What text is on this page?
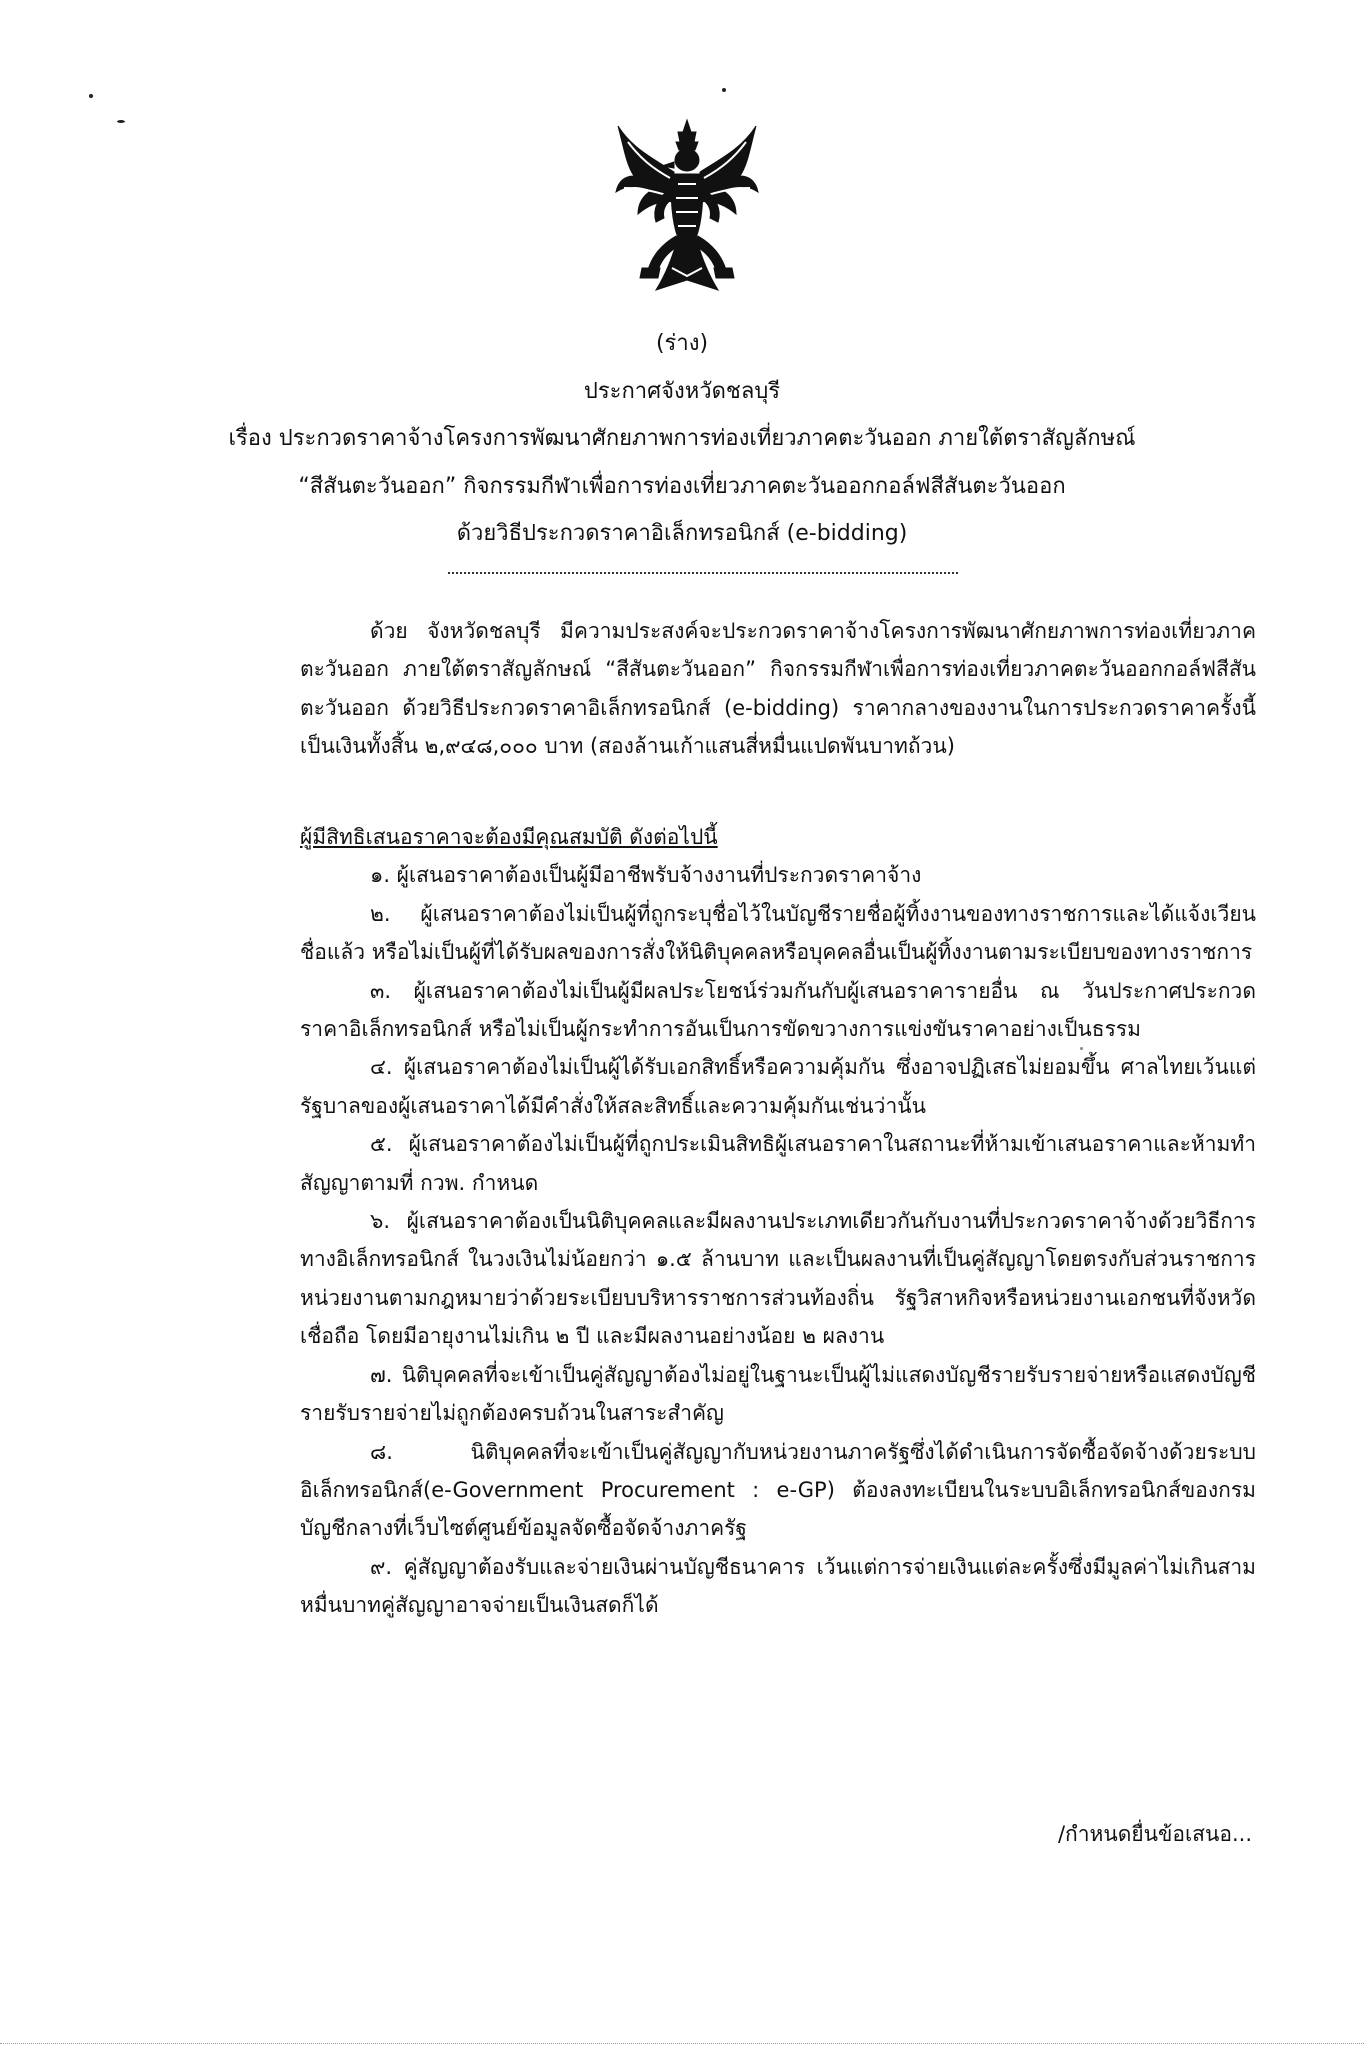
(ร่าง)
ประกาศจังหวัดชลบุรี
เรื่อง ประกวดราคาจ้างโครงการพัฒนาศักยภาพการท่องเที่ยวภาคตะวันออก ภายใต้ตราสัญลักษณ์
“สีสันตะวันออก” กิจกรรมกีฬาเพื่อการท่องเที่ยวภาคตะวันออกกอล์ฟสีสันตะวันออก
ด้วยวิธีประกวดราคาอิเล็กทรอนิกส์ (e-bidding)

ด้วย จังหวัดชลบุรี มีความประสงค์จะประกวดราคาจ้างโครงการพัฒนาศักยภาพการท่องเที่ยวภาคตะวันออก ภายใต้ตราสัญลักษณ์ “สีสันตะวันออก” กิจกรรมกีฬาเพื่อการท่องเที่ยวภาคตะวันออกกอล์ฟสีสันตะวันออก ด้วยวิธีประกวดราคาอิเล็กทรอนิกส์ (e-bidding) ราคากลางของงานในการประกวดราคาครั้งนี้เป็นเงินทั้งสิ้น ๒,๙๔๘,๐๐๐ บาท (สองล้านเก้าแสนสี่หมื่นแปดพันบาทถ้วน)

ผู้มีสิทธิเสนอราคาจะต้องมีคุณสมบัติ ดังต่อไปนี้

๑. ผู้เสนอราคาต้องเป็นผู้มีอาชีพรับจ้างงานที่ประกวดราคาจ้าง

๒. ผู้เสนอราคาต้องไม่เป็นผู้ที่ถูกระบุชื่อไว้ในบัญชีรายชื่อผู้ทิ้งงานของทางราชการและได้แจ้งเวียนชื่อแล้ว หรือไม่เป็นผู้ที่ได้รับผลของการสั่งให้นิติบุคคลหรือบุคคลอื่นเป็นผู้ทิ้งงานตามระเบียบของทางราชการ

๓. ผู้เสนอราคาต้องไม่เป็นผู้มีผลประโยชน์ร่วมกันกับผู้เสนอราคารายอื่น ณ วันประกาศประกวดราคาอิเล็กทรอนิกส์ หรือไม่เป็นผู้กระทำการอันเป็นการขัดขวางการแข่งขันราคาอย่างเป็นธรรม

๔. ผู้เสนอราคาต้องไม่เป็นผู้ได้รับเอกสิทธิ์หรือความคุ้มกัน ซึ่งอาจปฏิเสธไม่ยอมขึ้น ศาลไทยเว้นแต่รัฐบาลของผู้เสนอราคาได้มีคำสั่งให้สละสิทธิ์และความคุ้มกันเช่นว่านั้น

๕. ผู้เสนอราคาต้องไม่เป็นผู้ที่ถูกประเมินสิทธิผู้เสนอราคาในสถานะที่ห้ามเข้าเสนอราคาและห้ามทำสัญญาตามที่ กวพ. กำหนด

๖. ผู้เสนอราคาต้องเป็นนิติบุคคลและมีผลงานประเภทเดียวกันกับงานที่ประกวดราคาจ้างด้วยวิธีการทางอิเล็กทรอนิกส์ ในวงเงินไม่น้อยกว่า ๑.๕ ล้านบาท และเป็นผลงานที่เป็นคู่สัญญาโดยตรงกับส่วนราชการ หน่วยงานตามกฎหมายว่าด้วยระเบียบบริหารราชการส่วนท้องถิ่น รัฐวิสาหกิจหรือหน่วยงานเอกชนที่จังหวัดเชื่อถือ โดยมีอายุงานไม่เกิน ๒ ปี และมีผลงานอย่างน้อย ๒ ผลงาน

๗. นิติบุคคลที่จะเข้าเป็นคู่สัญญาต้องไม่อยู่ในฐานะเป็นผู้ไม่แสดงบัญชีรายรับรายจ่ายหรือแสดงบัญชีรายรับรายจ่ายไม่ถูกต้องครบถ้วนในสาระสำคัญ

๘. นิติบุคคลที่จะเข้าเป็นคู่สัญญากับหน่วยงานภาครัฐซึ่งได้ดำเนินการจัดซื้อจัดจ้างด้วยระบบอิเล็กทรอนิกส์(e-Government Procurement : e-GP) ต้องลงทะเบียนในระบบอิเล็กทรอนิกส์ของกรมบัญชีกลางที่เว็บไซต์ศูนย์ข้อมูลจัดซื้อจัดจ้างภาครัฐ

๙. คู่สัญญาต้องรับและจ่ายเงินผ่านบัญชีธนาคาร เว้นแต่การจ่ายเงินแต่ละครั้งซึ่งมีมูลค่าไม่เกินสามหมื่นบาทคู่สัญญาอาจจ่ายเป็นเงินสดก็ได้

/กำหนดยื่นข้อเสนอ...
